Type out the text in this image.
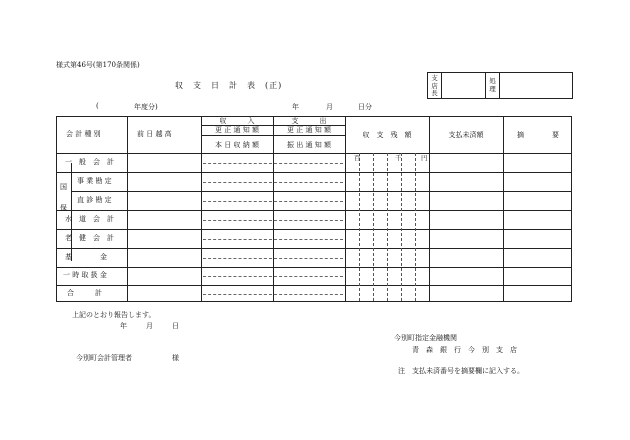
様式第46号(第170条関係)
収　支　日　計　表　(正)
支店長
処理
(	年度分)	年	月	日分
会 計 種 別	前 日 越 高
収　　　入	支　　　出
更 正 通 知 額	更 正 通 知 額
本 日 収 納 額	振 出 通 知 額
収　支　残　額	支払未済額	摘　　　　要
百	千	円
国保
一　般　会　計
事 業 勘 定
直 診 勘 定
水　道　会　計
老　健　会　計
基　　　　金
一 時 取 扱 金
合　　　計
上記のとおり報告します。
年	月	日
今別町指定金融機関
青　森　銀　行　今　別　支　店
今別町会計管理者	様
注　支払未済番号を摘要欄に記入する。
